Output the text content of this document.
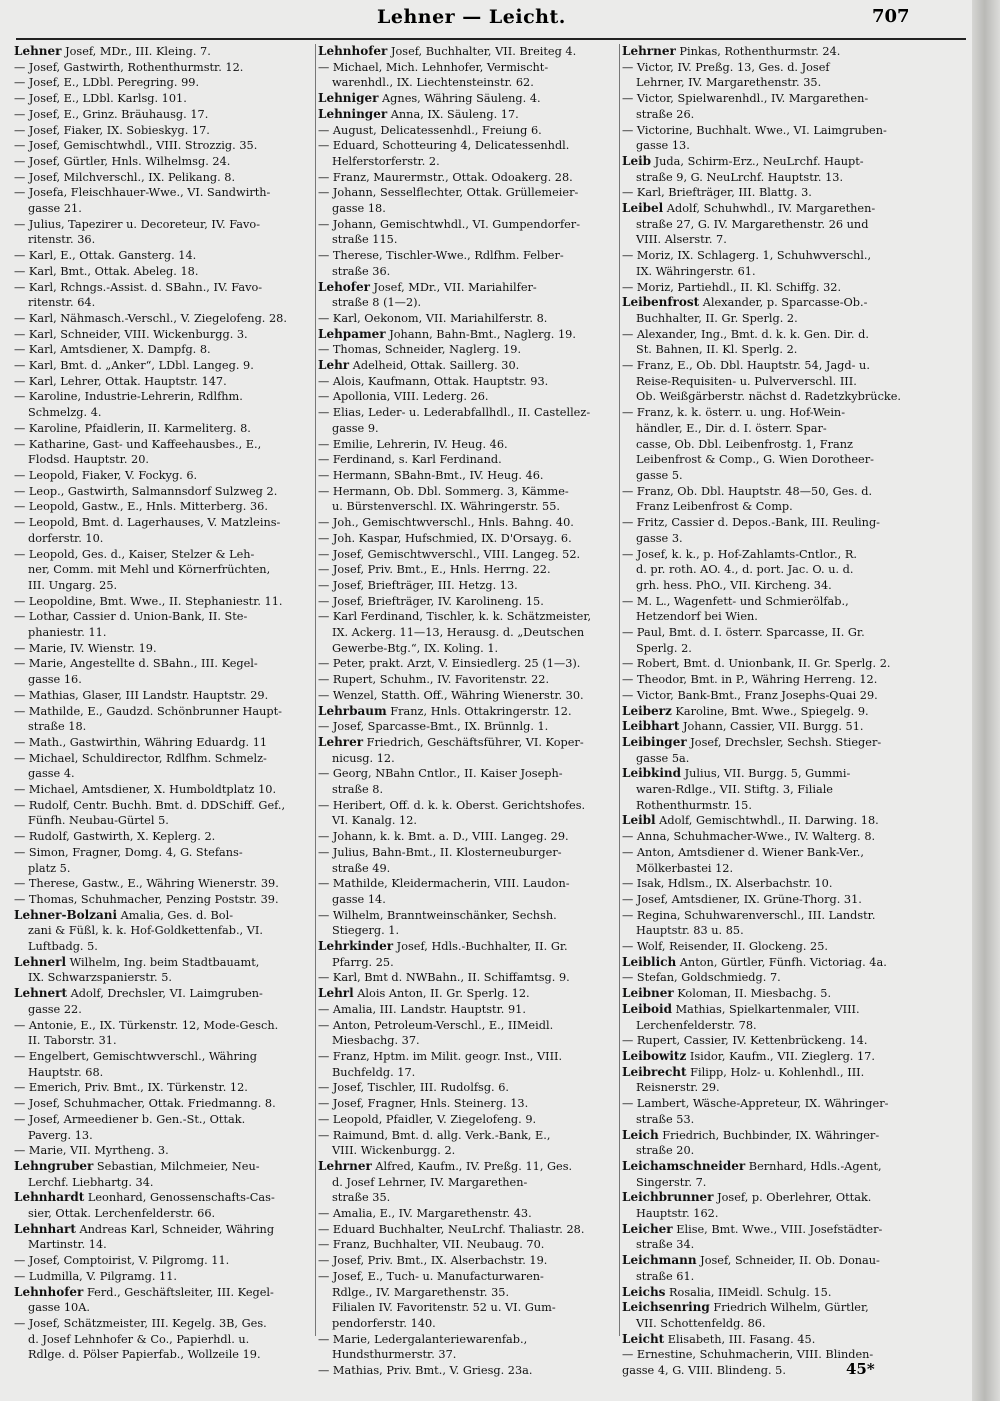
Lehner — Leicht.	707
Lehner Josef, MDr., III. Kleing. 7.
— Josef, Gastwirth, Rothenthurmstr. 12.
— Josef, E., LDbl. Peregring. 99.
— Josef, E., LDbl. Karlsg. 101.
— Josef, E., Grinz. Bräuhausg. 17.
— Josef, Fiaker, IX. Sobieskyg. 17.
— Josef, Gemischtwhdl., VIII. Strozzig. 35.
— Josef, Gürtler, Hnls. Wilhelmsg. 24.
— Josef, Milchverschl., IX. Pelikang. 8.
— Josefa, Fleischhauer-Wwe., VI. Sandwirth-
gasse 21.
— Julius, Tapezirer u. Decoreteur, IV. Favo-
ritenstr. 36.
— Karl, E., Ottak. Gansterg. 14.
— Karl, Bmt., Ottak. Abeleg. 18.
— Karl, Rchngs.-Assist. d. SBahn., IV. Favo-
ritenstr. 64.
— Karl, Nähmasch.-Verschl., V. Ziegelofeng. 28.
— Karl, Schneider, VIII. Wickenburgg. 3.
— Karl, Amtsdiener, X. Dampfg. 8.
— Karl, Bmt. d. „Anker“, LDbl. Langeg. 9.
— Karl, Lehrer, Ottak. Hauptstr. 147.
— Karoline, Industrie-Lehrerin, Rdlfhm.
Schmelzg. 4.
— Karoline, Pfaidlerin, II. Karmeliterg. 8.
— Katharine, Gast- und Kaffeehausbes., E.,
Flodsd. Hauptstr. 20.
— Leopold, Fiaker, V. Fockyg. 6.
— Leop., Gastwirth, Salmannsdorf Sulzweg 2.
— Leopold, Gastw., E., Hnls. Mitterberg. 36.
— Leopold, Bmt. d. Lagerhauses, V. Matzleins-
dorferstr. 10.
— Leopold, Ges. d., Kaiser, Stelzer & Leh-
ner, Comm. mit Mehl und Körnerfrüchten,
III. Ungarg. 25.
— Leopoldine, Bmt. Wwe., II. Stephaniestr. 11.
— Lothar, Cassier d. Union-Bank, II. Ste-
phaniestr. 11.
— Marie, IV. Wienstr. 19.
— Marie, Angestellte d. SBahn., III. Kegel-
gasse 16.
— Mathias, Glaser, III Landstr. Hauptstr. 29.
— Mathilde, E., Gaudzd. Schönbrunner Haupt-
straße 18.
— Math., Gastwirthin, Währing Eduardg. 11
— Michael, Schuldirector, Rdlfhm. Schmelz-
gasse 4.
— Michael, Amtsdiener, X. Humboldtplatz 10.
— Rudolf, Centr. Buchh. Bmt. d. DDSchiff. Gef.,
Fünfh. Neubau-Gürtel 5.
— Rudolf, Gastwirth, X. Keplerg. 2.
— Simon, Fragner, Domg. 4, G. Stefans-
platz 5.
— Therese, Gastw., E., Währing Wienerstr. 39.
— Thomas, Schuhmacher, Penzing Poststr. 39.
Lehner-Bolzani Amalia, Ges. d. Bol-
zani & Füßl, k. k. Hof-Goldkettenfab., VI.
Luftbadg. 5.
Lehnerl Wilhelm, Ing. beim Stadtbauamt,
IX. Schwarzspanierstr. 5.
Lehnert Adolf, Drechsler, VI. Laimgruben-
gasse 22.
— Antonie, E., IX. Türkenstr. 12, Mode-Gesch.
II. Taborstr. 31.
— Engelbert, Gemischtwverschl., Währing
Hauptstr. 68.
— Emerich, Priv. Bmt., IX. Türkenstr. 12.
— Josef, Schuhmacher, Ottak. Friedmanng. 8.
— Josef, Armeediener b. Gen.-St., Ottak.
Paverg. 13.
— Marie, VII. Myrtheng. 3.
Lehngruber Sebastian, Milchmeier, Neu-
Lerchf. Liebhartg. 34.
Lehnhardt Leonhard, Genossenschafts-Cas-
sier, Ottak. Lerchenfelderstr. 66.
Lehnhart Andreas Karl, Schneider, Währing
Martinstr. 14.
— Josef, Comptoirist, V. Pilgromg. 11.
— Ludmilla, V. Pilgramg. 11.
Lehnhofer Ferd., Geschäftsleiter, III. Kegel-
gasse 10A.
— Josef, Schätzmeister, III. Kegelg. 3B, Ges.
d. Josef Lehnhofer & Co., Papierhdl. u.
Rdlge. d. Pölser Papierfab., Wollzeile 19.
Lehnhofer Josef, Buchhalter, VII. Breiteg 4.
— Michael, Mich. Lehnhofer, Vermischt-
warenhdl., IX. Liechtensteinstr. 62.
Lehniger Agnes, Währing Säuleng. 4.
Lehninger Anna, IX. Säuleng. 17.
— August, Delicatessenhdl., Freiung 6.
— Eduard, Schotteuring 4, Delicatessenhdl.
Helferstorferstr. 2.
— Franz, Maurermstr., Ottak. Odoakerg. 28.
— Johann, Sesselflechter, Ottak. Grüllemeier-
gasse 18.
— Johann, Gemischtwhdl., VI. Gumpendorfer-
straße 115.
— Therese, Tischler-Wwe., Rdlfhm. Felber-
straße 36.
Lehofer Josef, MDr., VII. Mariahilfer-
straße 8 (1—2).
— Karl, Oekonom, VII. Mariahilferstr. 8.
Lehpamer Johann, Bahn-Bmt., Naglerg. 19.
— Thomas, Schneider, Naglerg. 19.
Lehr Adelheid, Ottak. Saillerg. 30.
— Alois, Kaufmann, Ottak. Hauptstr. 93.
— Apollonia, VIII. Lederg. 26.
— Elias, Leder- u. Lederabfallhdl., II. Castellez-
gasse 9.
— Emilie, Lehrerin, IV. Heug. 46.
— Ferdinand, s. Karl Ferdinand.
— Hermann, SBahn-Bmt., IV. Heug. 46.
— Hermann, Ob. Dbl. Sommerg. 3, Kämme-
u. Bürstenverschl. IX. Währingerstr. 55.
— Joh., Gemischtwverschl., Hnls. Bahng. 40.
— Joh. Kaspar, Hufschmied, IX. D'Orsayg. 6.
— Josef, Gemischtwverschl., VIII. Langeg. 52.
— Josef, Priv. Bmt., E., Hnls. Herrng. 22.
— Josef, Briefträger, III. Hetzg. 13.
— Josef, Briefträger, IV. Karolineng. 15.
— Karl Ferdinand, Tischler, k. k. Schätzmeister,
IX. Ackerg. 11—13, Herausg. d. „Deutschen
Gewerbe-Btg.“, IX. Koling. 1.
— Peter, prakt. Arzt, V. Einsiedlerg. 25 (1—3).
— Rupert, Schuhm., IV. Favoritenstr. 22.
— Wenzel, Statth. Off., Währing Wienerstr. 30.
Lehrbaum Franz, Hnls. Ottakringerstr. 12.
— Josef, Sparcasse-Bmt., IX. Brünnlg. 1.
Lehrer Friedrich, Geschäftsführer, VI. Koper-
nicusg. 12.
— Georg, NBahn Cntlor., II. Kaiser Joseph-
straße 8.
— Heribert, Off. d. k. k. Oberst. Gerichtshofes.
VI. Kanalg. 12.
— Johann, k. k. Bmt. a. D., VIII. Langeg. 29.
— Julius, Bahn-Bmt., II. Klosterneuburger-
straße 49.
— Mathilde, Kleidermacherin, VIII. Laudon-
gasse 14.
— Wilhelm, Branntweinschänker, Sechsh.
Stiegerg. 1.
Lehrkinder Josef, Hdls.-Buchhalter, II. Gr.
Pfarrg. 25.
— Karl, Bmt d. NWBahn., II. Schiffamtsg. 9.
Lehrl Alois Anton, II. Gr. Sperlg. 12.
— Amalia, III. Landstr. Hauptstr. 91.
— Anton, Petroleum-Verschl., E., IIMeidl.
Miesbachg. 37.
— Franz, Hptm. im Milit. geogr. Inst., VIII.
Buchfeldg. 17.
— Josef, Tischler, III. Rudolfsg. 6.
— Josef, Fragner, Hnls. Steinerg. 13.
— Leopold, Pfaidler, V. Ziegelofeng. 9.
— Raimund, Bmt. d. allg. Verk.-Bank, E.,
VIII. Wickenburgg. 2.
Lehrner Alfred, Kaufm., IV. Preßg. 11, Ges.
d. Josef Lehrner, IV. Margarethen-
straße 35.
— Amalia, E., IV. Margarethenstr. 43.
— Eduard Buchhalter, NeuLrchf. Thaliastr. 28.
— Franz, Buchhalter, VII. Neubaug. 70.
— Josef, Priv. Bmt., IX. Alserbachstr. 19.
— Josef, E., Tuch- u. Manufacturwaren-
Rdlge., IV. Margarethenstr. 35.
Filialen IV. Favoritenstr. 52 u. VI. Gum-
pendorferstr. 140.
— Marie, Ledergalanteriewarenfab.,
Hundsthurmerstr. 37.
— Mathias, Priv. Bmt., V. Griesg. 23a.
Lehrner Pinkas, Rothenthurmstr. 24.
— Victor, IV. Preßg. 13, Ges. d. Josef
Lehrner, IV. Margarethenstr. 35.
— Victor, Spielwarenhdl., IV. Margarethen-
straße 26.
— Victorine, Buchhalt. Wwe., VI. Laimgruben-
gasse 13.
Leib Juda, Schirm-Erz., NeuLrchf. Haupt-
straße 9, G. NeuLrchf. Hauptstr. 13.
— Karl, Briefträger, III. Blattg. 3.
Leibel Adolf, Schuhwhdl., IV. Margarethen-
straße 27, G. IV. Margarethenstr. 26 und
VIII. Alserstr. 7.
— Moriz, IX. Schlagerg. 1, Schuhwverschl.,
IX. Währingerstr. 61.
— Moriz, Partiehdl., II. Kl. Schiffg. 32.
Leibenfrost Alexander, p. Sparcasse-Ob.-
Buchhalter, II. Gr. Sperlg. 2.
— Alexander, Ing., Bmt. d. k. k. Gen. Dir. d.
St. Bahnen, II. Kl. Sperlg. 2.
— Franz, E., Ob. Dbl. Hauptstr. 54, Jagd- u.
Reise-Requisiten- u. Pulververschl. III.
Ob. Weißgärberstr. nächst d. Radetzkybrücke.
— Franz, k. k. österr. u. ung. Hof-Wein-
händler, E., Dir. d. I. österr. Spar-
casse, Ob. Dbl. Leibenfrostg. 1, Franz
Leibenfrost & Comp., G. Wien Dorotheer-
gasse 5.
— Franz, Ob. Dbl. Hauptstr. 48—50, Ges. d.
Franz Leibenfrost & Comp.
— Fritz, Cassier d. Depos.-Bank, III. Reuling-
gasse 3.
— Josef, k. k., p. Hof-Zahlamts-Cntlor., R.
d. pr. roth. AO. 4., d. port. Jac. O. u. d.
grh. hess. PhO., VII. Kircheng. 34.
— M. L., Wagenfett- und Schmierölfab.,
Hetzendorf bei Wien.
— Paul, Bmt. d. I. österr. Sparcasse, II. Gr.
Sperlg. 2.
— Robert, Bmt. d. Unionbank, II. Gr. Sperlg. 2.
— Theodor, Bmt. in P., Währing Herreng. 12.
— Victor, Bank-Bmt., Franz Josephs-Quai 29.
Leiberz Karoline, Bmt. Wwe., Spiegelg. 9.
Leibhart Johann, Cassier, VII. Burgg. 51.
Leibinger Josef, Drechsler, Sechsh. Stieger-
gasse 5a.
Leibkind Julius, VII. Burgg. 5, Gummi-
waren-Rdlge., VII. Stiftg. 3, Filiale
Rothenthurmstr. 15.
Leibl Adolf, Gemischtwhdl., II. Darwing. 18.
— Anna, Schuhmacher-Wwe., IV. Walterg. 8.
— Anton, Amtsdiener d. Wiener Bank-Ver.,
Mölkerbastei 12.
— Isak, Hdlsm., IX. Alserbachstr. 10.
— Josef, Amtsdiener, IX. Grüne-Thorg. 31.
— Regina, Schuhwarenverschl., III. Landstr.
Hauptstr. 83 u. 85.
— Wolf, Reisender, II. Glockeng. 25.
Leiblich Anton, Gürtler, Fünfh. Victoriag. 4a.
— Stefan, Goldschmiedg. 7.
Leibner Koloman, II. Miesbachg. 5.
Leiboid Mathias, Spielkartenmaler, VIII.
Lerchenfelderstr. 78.
— Rupert, Cassier, IV. Kettenbrückeng. 14.
Leibowitz Isidor, Kaufm., VII. Zieglerg. 17.
Leibrecht Filipp, Holz- u. Kohlenhdl., III.
Reisnerstr. 29.
— Lambert, Wäsche-Appreteur, IX. Währinger-
straße 53.
Leich Friedrich, Buchbinder, IX. Währinger-
straße 20.
Leichamschneider Bernhard, Hdls.-Agent,
Singerstr. 7.
Leichbrunner Josef, p. Oberlehrer, Ottak.
Hauptstr. 162.
Leicher Elise, Bmt. Wwe., VIII. Josefstädter-
straße 34.
Leichmann Josef, Schneider, II. Ob. Donau-
straße 61.
Leichs Rosalia, IIMeidl. Schulg. 15.
Leichsenring Friedrich Wilhelm, Gürtler,
VII. Schottenfeldg. 86.
Leicht Elisabeth, III. Fasang. 45.
— Ernestine, Schuhmacherin, VIII. Blinden-
gasse 4, G. VIII. Blindeng. 5.	45*
